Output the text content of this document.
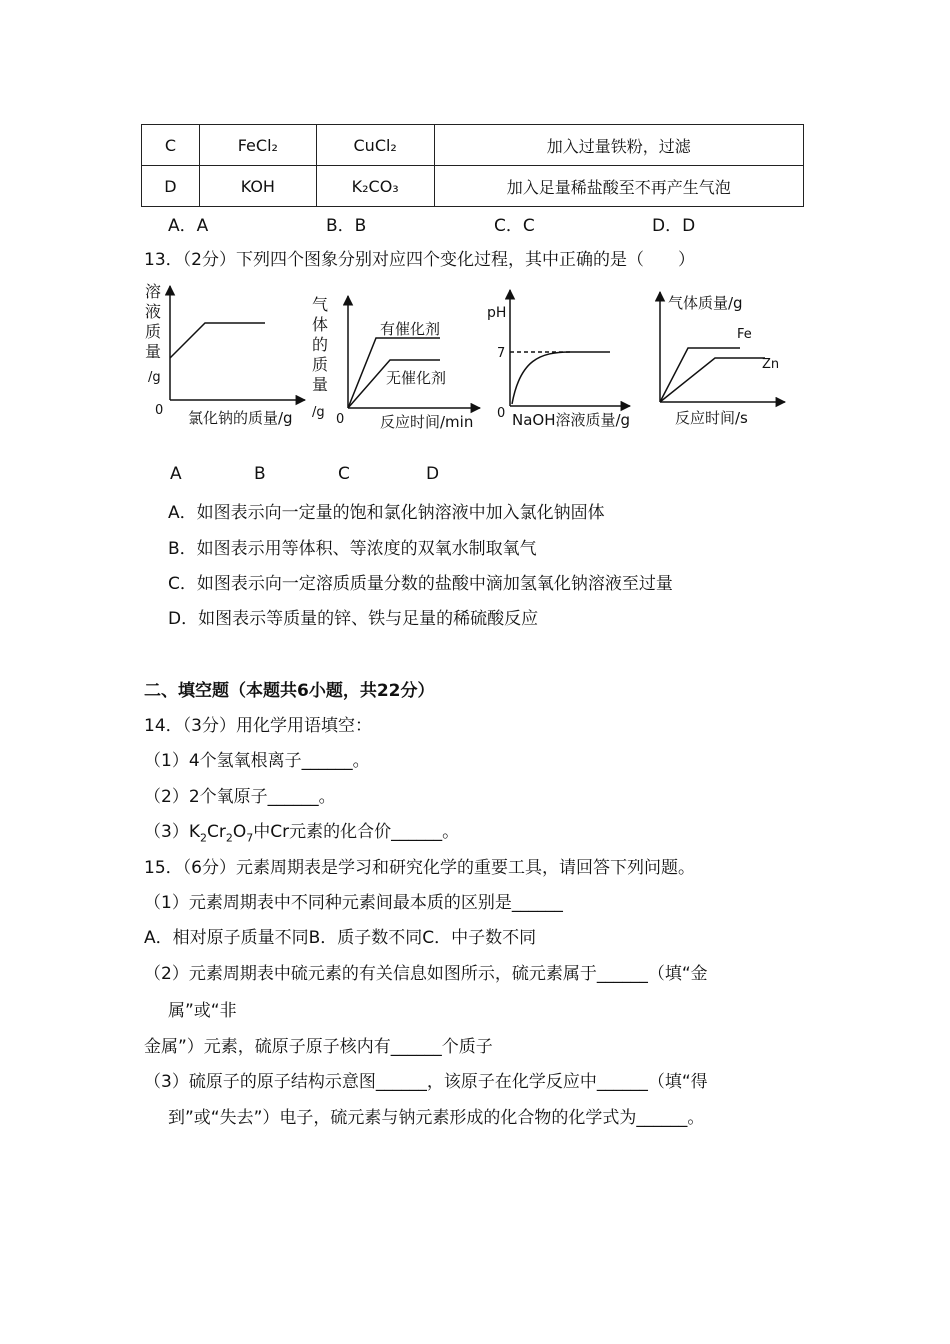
C	FeCl₂	CuCl₂	加入过量铁粉，过滤
D	KOH	K₂CO₃	加入足量稀盐酸至不再产生气泡
A．A	B．B	C．C	D．D
13．（2分）下列四个图象分别对应四个变化过程，其中正确的是（　　）
溶
液
质
量
/g
0 氯化钠的质量/g
气
体
的
质
量
/g 0
有催化剂
无催化剂
反应时间/min
pH
7
0 NaOH溶液质量/g
气体质量/g
Fe
Zn
反应时间/s
A	B	C	D
A．如图表示向一定量的饱和氯化钠溶液中加入氯化钠固体
B．如图表示用等体积、等浓度的双氧水制取氧气
C．如图表示向一定溶质质量分数的盐酸中滴加氢氧化钠溶液至过量
D．如图表示等质量的锌、铁与足量的稀硫酸反应
二、填空题（本题共6小题，共22分）
14．（3分）用化学用语填空：
（1）4个氢氧根离子______。
（2）2个氧原子______。
$(3)K_2Cr_2O_7$中Cr元素的化合价______。
15．（6分）元素周期表是学习和研究化学的重要工具，请回答下列问题。
（1）元素周期表中不同种元素间最本质的区别是______
A．相对原子质量不同B．质子数不同C．中子数不同
（2）元素周期表中硫元素的有关信息如图所示，硫元素属于______（填“金
属”或“非
金属”）元素，硫原子原子核内有______个质子
（3）硫原子的原子结构示意图______，该原子在化学反应中______（填“得
到”或“失去”）电子，硫元素与钠元素形成的化合物的化学式为______。
